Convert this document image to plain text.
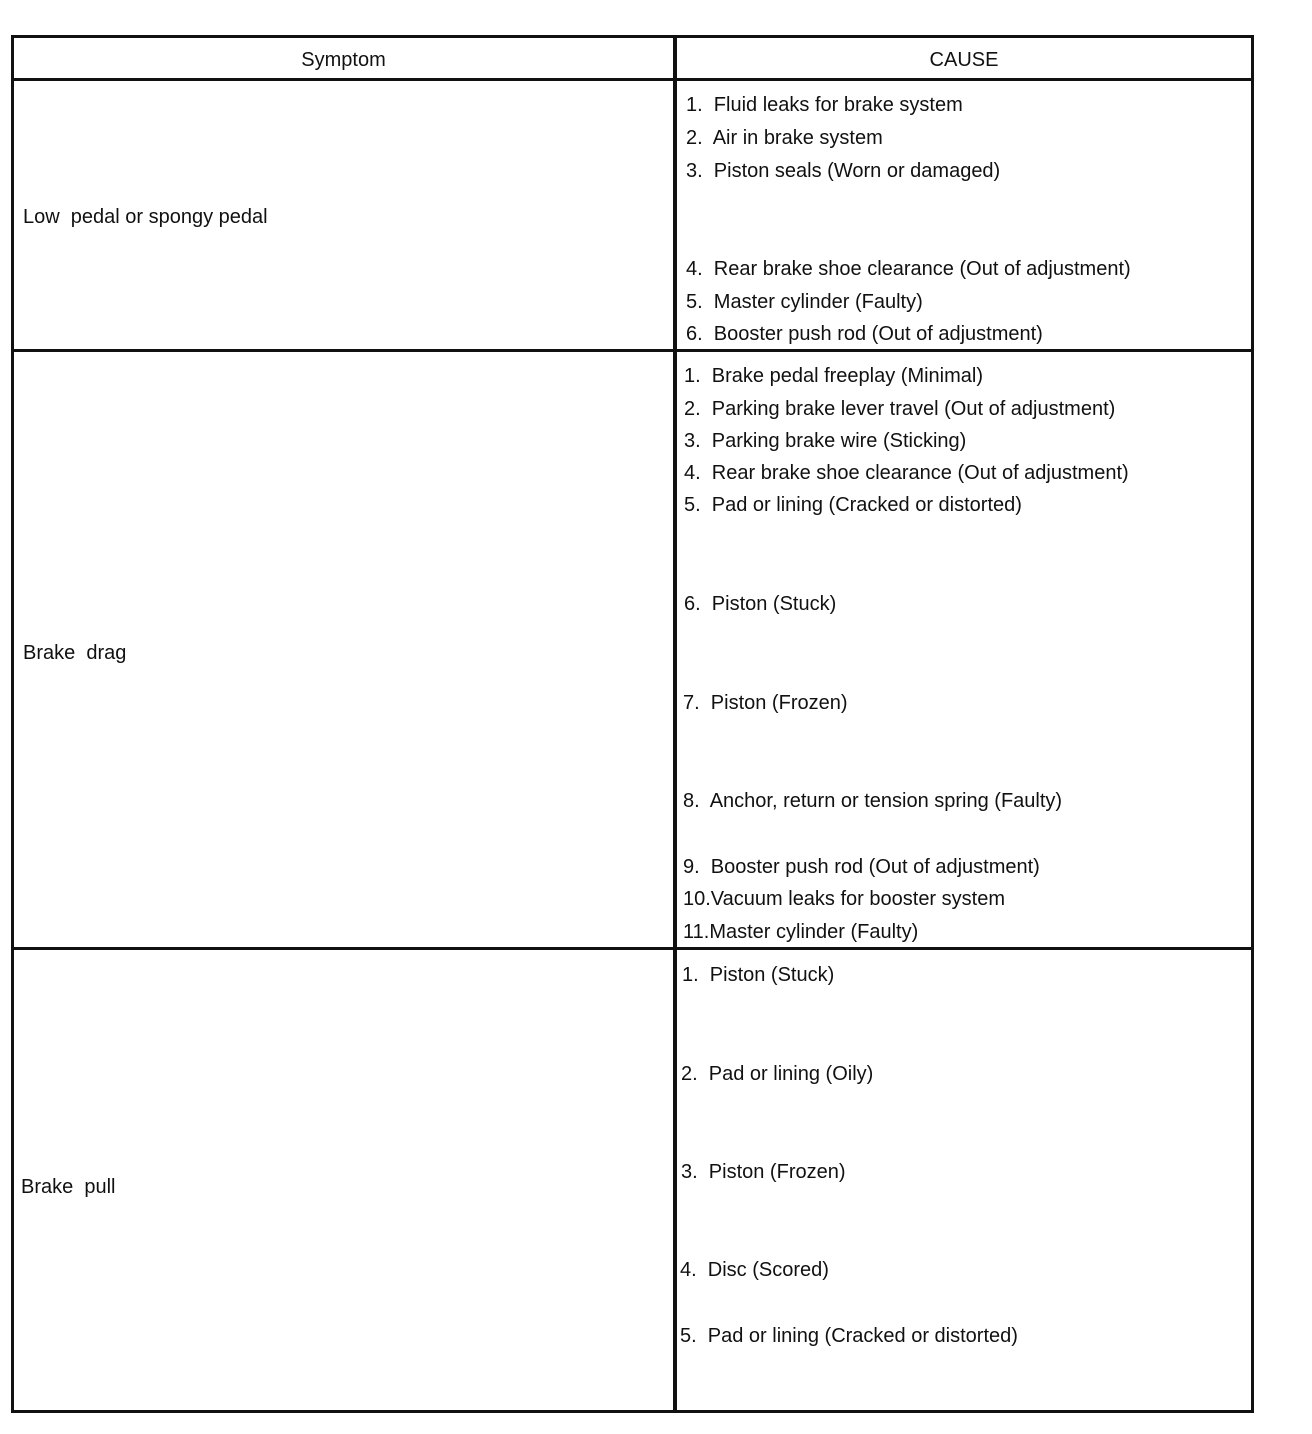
Symptom	CAUSE
Low  pedal or spongy pedal
1.  Fluid leaks for brake system
2.  Air in brake system
3.  Piston seals (Worn or damaged)
4.  Rear brake shoe clearance (Out of adjustment)
5.  Master cylinder (Faulty)
6.  Booster push rod (Out of adjustment)
Brake  drag
1.  Brake pedal freeplay (Minimal)
2.  Parking brake lever travel (Out of adjustment)
3.  Parking brake wire (Sticking)
4.  Rear brake shoe clearance (Out of adjustment)
5.  Pad or lining (Cracked or distorted)
6.  Piston (Stuck)
7.  Piston (Frozen)
8.  Anchor, return or tension spring (Faulty)
9.  Booster push rod (Out of adjustment)
10.Vacuum leaks for booster system
11.Master cylinder (Faulty)
Brake  pull
1.  Piston (Stuck)
2.  Pad or lining (Oily)
3.  Piston (Frozen)
4.  Disc (Scored)
5.  Pad or lining (Cracked or distorted)
